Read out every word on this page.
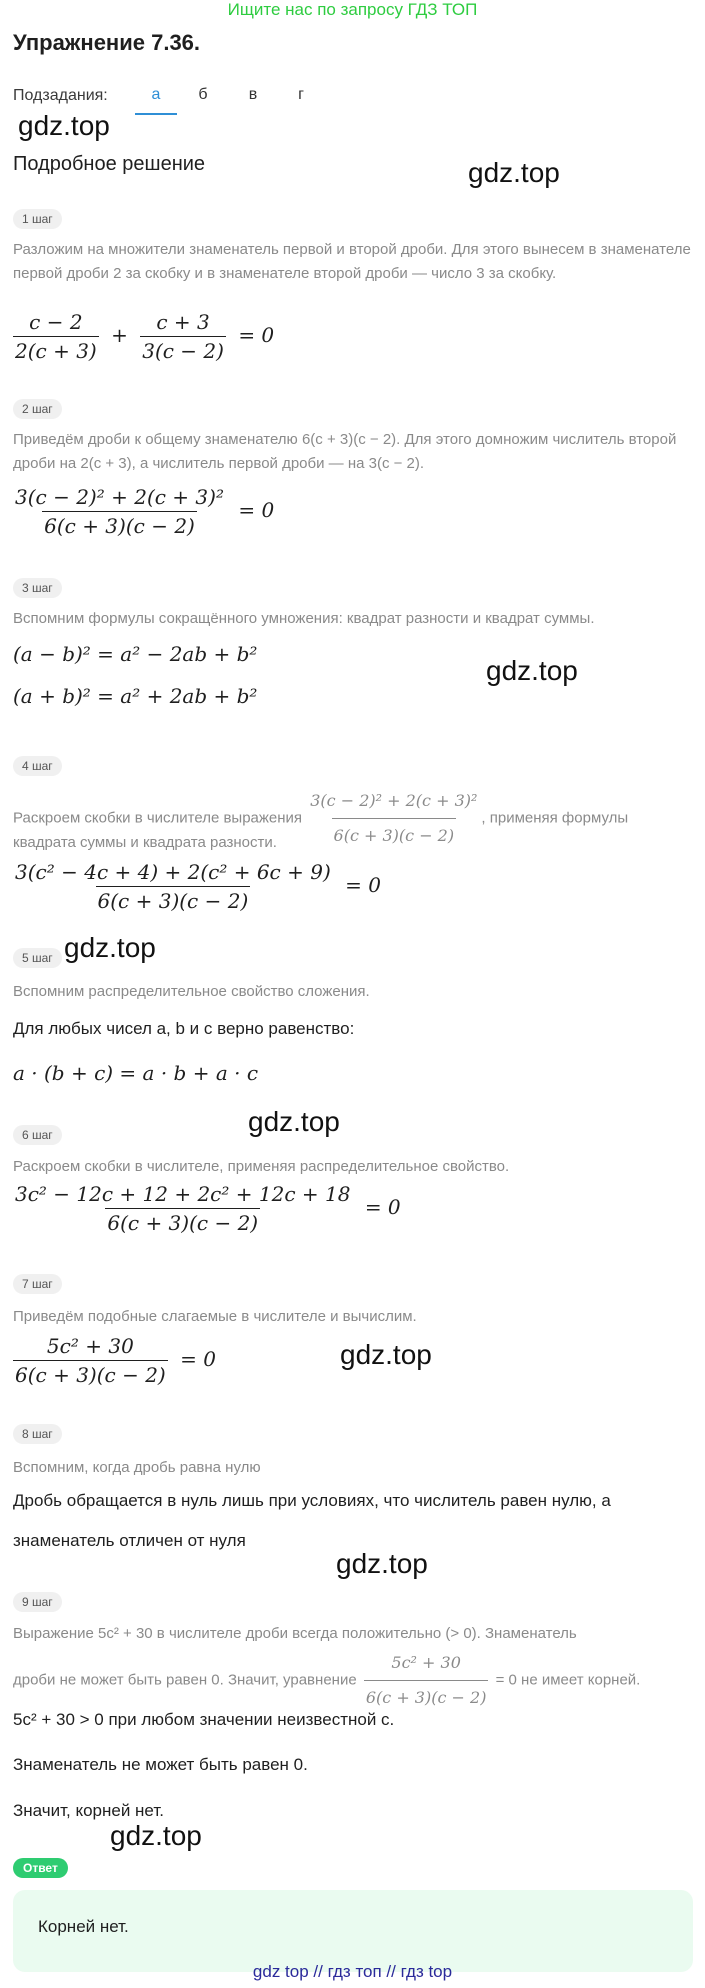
Ищите нас по запросу ГДЗ ТОП
Упражнение 7.36.
Подзадания:	а	б	в	г
gdz.top
Подробное решение	gdz.top
1 шаг
Разложим на множители знаменатель первой и второй дроби. Для этого вынесем в знаменателе первой дроби 2 за скобку и в знаменателе второй дроби — число 3 за скобку.
$\frac{c - 2}{2(c + 3)} + \frac{c + 3}{3(c - 2)} = 0$
2 шаг
Приведём дроби к общему знаменателю 6(c + 3)(c − 2). Для этого домножим числитель второй дроби на 2(c + 3), а числитель первой дроби — на 3(c − 2).
$\frac{\text{3(c − 2)² + 2(c + 3)²}}{6(c + 3)(c - 2)} = 0$
3 шаг
Вспомним формулы сокращённого умножения: квадрат разности и квадрат суммы.
(a − b)² = a² − 2ab + b²
gdz.top
(a + b)² = a² + 2ab + b²
4 шаг
Раскроем скобки в числителе выражения $\frac{\text{3(c − 2)² + 2(c + 3)²}}{6(c + 3)(c - 2)}$ , применяя формулы
квадрата суммы и квадрата разности.
$\frac{\text{3(c² − 4c + 4) + 2(c² + 6c + 9)}}{6(c + 3)(c - 2)} = 0$
5 шаг gdz.top
Вспомним распределительное свойство сложения.
Для любых чисел a, b и c верно равенство:
a · (b + c) = a · b + a · c
6 шаг	gdz.top
Раскроем скобки в числителе, применяя распределительное свойство.
$\frac{\text{3c² − 12c + 12 + 2c² + 12c + 18}}{6(c + 3)(c - 2)} = 0$
7 шаг
Приведём подобные слагаемые в числителе и вычислим.
$\frac{\text{5c² + 30}}{6(c + 3)(c - 2)} = 0$	gdz.top
8 шаг
Вспомним, когда дробь равна нулю
Дробь обращается в нуль лишь при условиях, что числитель равен нулю, а
знаменатель отличен от нуля
gdz.top
9 шаг
Выражение 5c² + 30 в числителе дроби всегда положительно (> 0). Знаменатель
дроби не может быть равен 0. Значит, уравнение $\frac{\text{5c² + 30}}{6(c + 3)(c - 2)} = 0$ не имеет корней.
5c² + 30 > 0 при любом значении неизвестной c.
Знаменатель не может быть равен 0.
Значит, корней нет.
gdz.top
Ответ
Корней нет.
gdz top // гдз топ // гдз top
